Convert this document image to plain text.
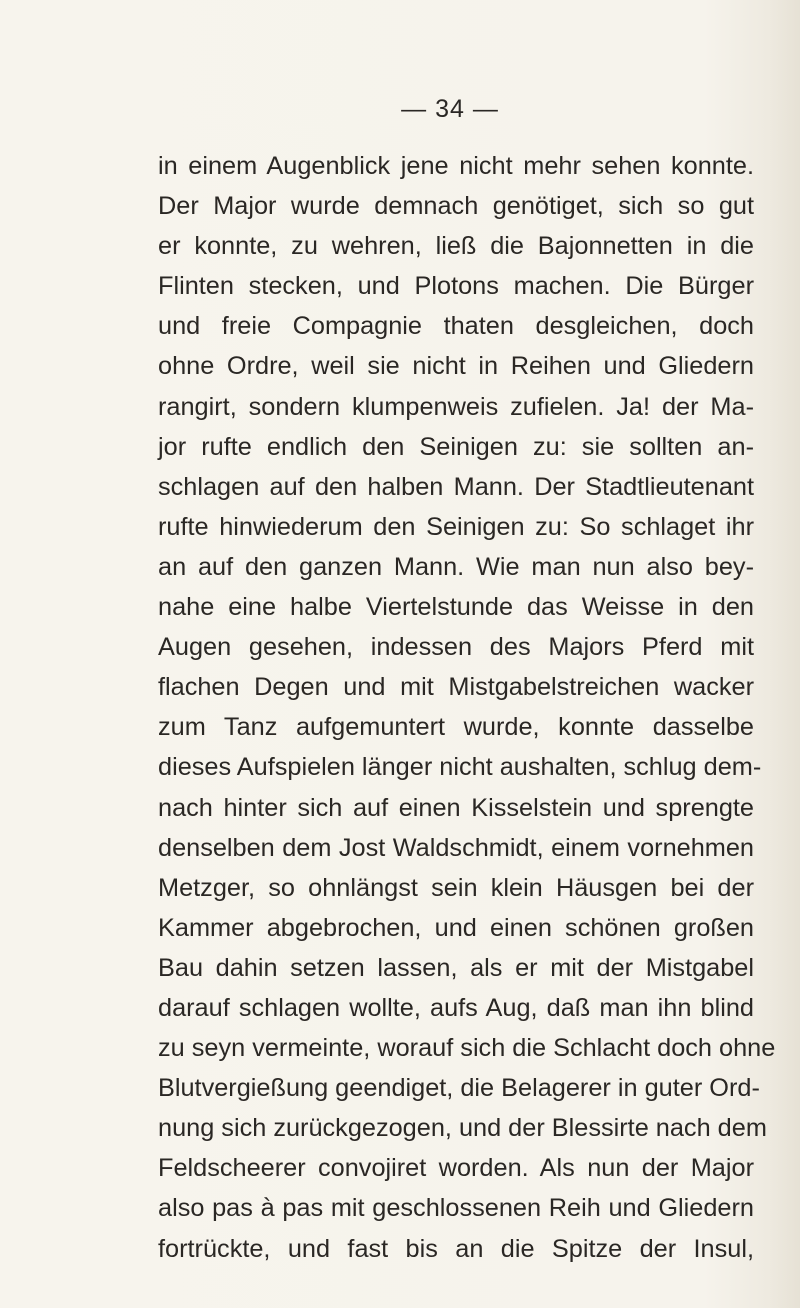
— 34 —
in einem Augenblick jene nicht mehr sehen konnte.
Der Major wurde demnach genötiget, sich so gut
er konnte, zu wehren, ließ die Bajonnetten in die
Flinten stecken, und Plotons machen. Die Bürger
und freie Compagnie thaten desgleichen, doch
ohne Ordre, weil sie nicht in Reihen und Gliedern
rangirt, sondern klumpenweis zufielen. Ja! der Ma-
jor rufte endlich den Seinigen zu: sie sollten an-
schlagen auf den halben Mann. Der Stadtlieutenant
rufte hinwiederum den Seinigen zu: So schlaget ihr
an auf den ganzen Mann. Wie man nun also bey-
nahe eine halbe Viertelstunde das Weisse in den
Augen gesehen, indessen des Majors Pferd mit
flachen Degen und mit Mistgabelstreichen wacker
zum Tanz aufgemuntert wurde, konnte dasselbe
dieses Aufspielen länger nicht aushalten, schlug dem-
nach hinter sich auf einen Kisselstein und sprengte
denselben dem Jost Waldschmidt, einem vornehmen
Metzger, so ohnlängst sein klein Häusgen bei der
Kammer abgebrochen, und einen schönen großen
Bau dahin setzen lassen, als er mit der Mistgabel
darauf schlagen wollte, aufs Aug, daß man ihn blind
zu seyn vermeinte, worauf sich die Schlacht doch ohne
Blutvergießung geendiget, die Belagerer in guter Ord-
nung sich zurückgezogen, und der Blessirte nach dem
Feldscheerer convojiret worden. Als nun der Major
also pas à pas mit geschlossenen Reih und Gliedern
fortrückte, und fast bis an die Spitze der Insul,
